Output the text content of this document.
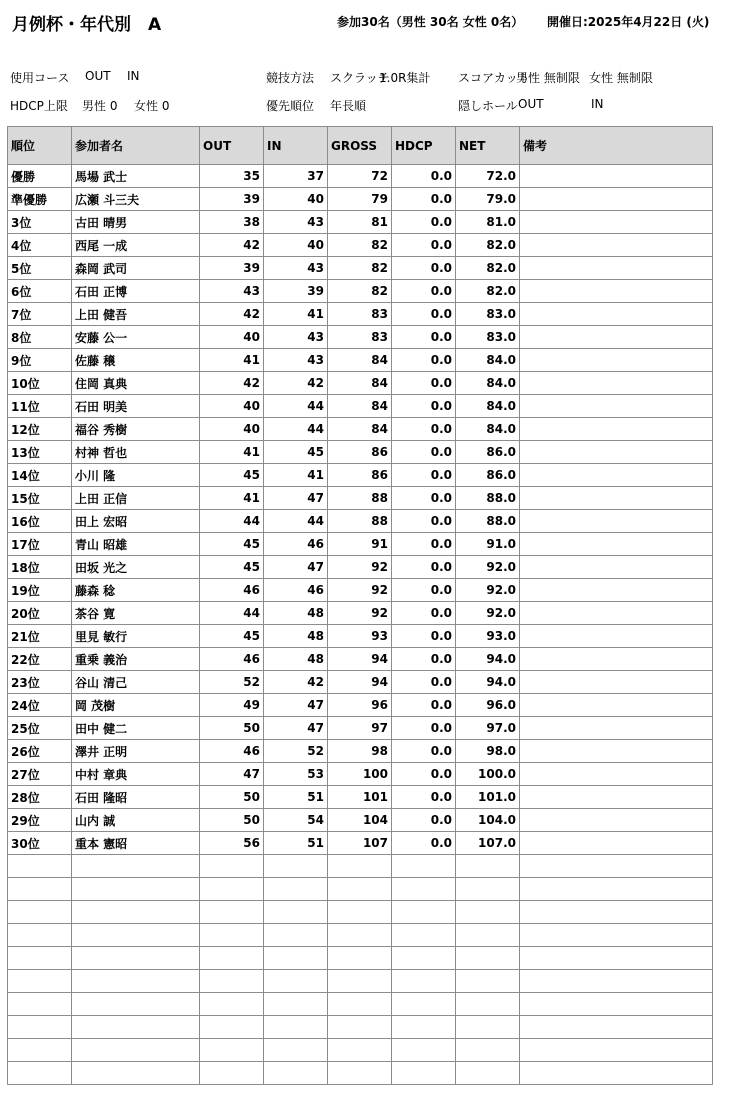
月例杯・年代別　A	参加30名（男性 30名 女性 0名） 開催日:2025年4月22日 (火)
使用コース OUT IN	競技方法 スクラッチ
1.0R集計 スコアカット
男性 無制限 女性 無制限
HDCP上限 男性 0 女性 0	優先順位 年長順	隠しホール OUT	IN
順位	参加者名	OUT	IN	GROSS	HDCP	NET	備考
優勝	馬場 武士	35	37	72	0.0	72.0	
準優勝	広瀬 斗三夫	39	40	79	0.0	79.0	
3位	古田 晴男	38	43	81	0.0	81.0	
4位	西尾 一成	42	40	82	0.0	82.0	
5位	森岡 武司	39	43	82	0.0	82.0	
6位	石田 正博	43	39	82	0.0	82.0	
7位	上田 健吾	42	41	83	0.0	83.0	
8位	安藤 公一	40	43	83	0.0	83.0	
9位	佐藤 穣	41	43	84	0.0	84.0	
10位	住岡 真典	42	42	84	0.0	84.0	
11位	石田 明美	40	44	84	0.0	84.0	
12位	福谷 秀樹	40	44	84	0.0	84.0	
13位	村神 哲也	41	45	86	0.0	86.0	
14位	小川 隆	45	41	86	0.0	86.0	
15位	上田 正信	41	47	88	0.0	88.0	
16位	田上 宏昭	44	44	88	0.0	88.0	
17位	青山 昭雄	45	46	91	0.0	91.0	
18位	田坂 光之	45	47	92	0.0	92.0	
19位	藤森 稔	46	46	92	0.0	92.0	
20位	茶谷 寛	44	48	92	0.0	92.0	
21位	里見 敏行	45	48	93	0.0	93.0	
22位	重乗 義治	46	48	94	0.0	94.0	
23位	谷山 清己	52	42	94	0.0	94.0	
24位	岡 茂樹	49	47	96	0.0	96.0	
25位	田中 健二	50	47	97	0.0	97.0	
26位	澤井 正明	46	52	98	0.0	98.0	
27位	中村 章典	47	53	100	0.0	100.0	
28位	石田 隆昭	50	51	101	0.0	101.0	
29位	山内 誠	50	54	104	0.0	104.0	
30位	重本 憲昭	56	51	107	0.0	107.0	
